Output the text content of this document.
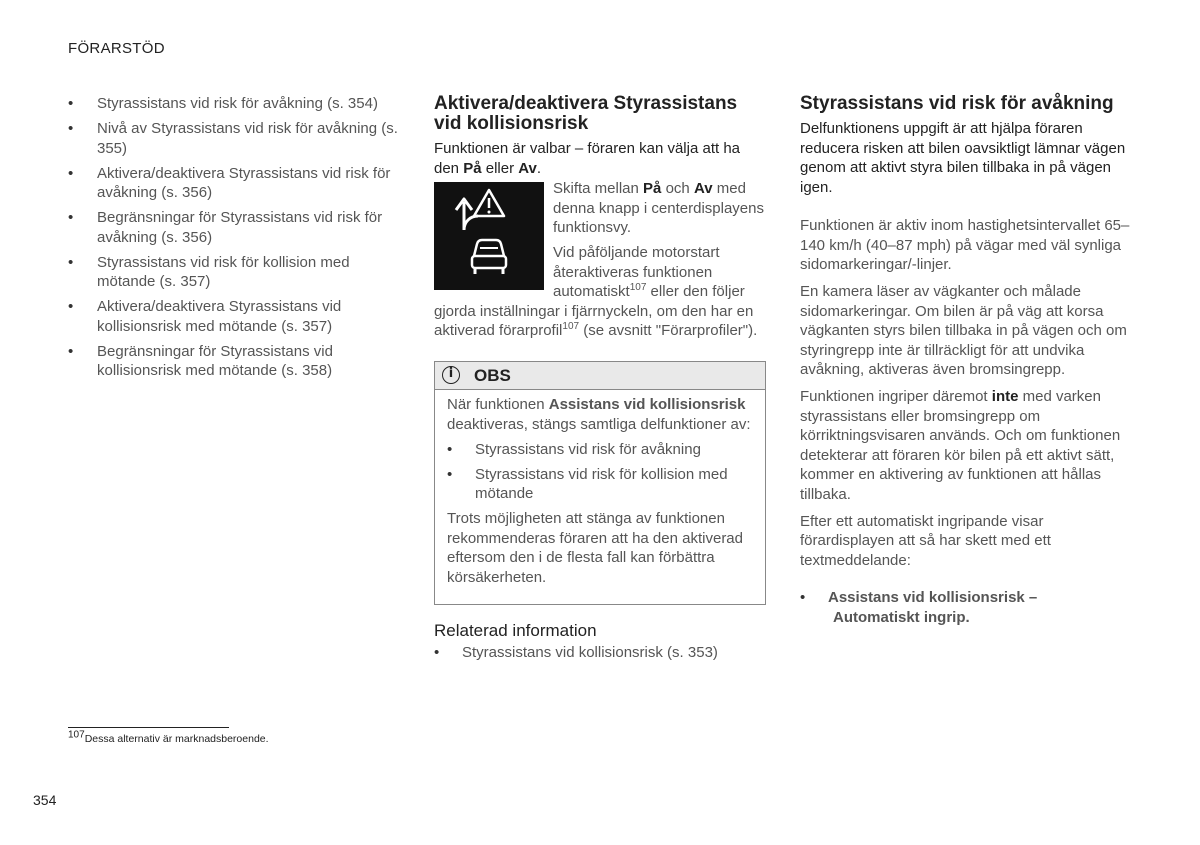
FÖRARSTÖD
• Styrassistans vid risk för avåkning (s. 354)
• Nivå av Styrassistans vid risk för avåkning (s. 355)
• Aktivera/deaktivera Styrassistans vid risk för avåkning (s. 356)
• Begränsningar för Styrassistans vid risk för avåkning (s. 356)
• Styrassistans vid risk för kollision med mötande (s. 357)
• Aktivera/deaktivera Styrassistans vid kollisionsrisk med mötande (s. 357)
• Begränsningar för Styrassistans vid kollisionsrisk med mötande (s. 358)
Aktivera/deaktivera Styrassistans vid kollisionsrisk

Funktionen är valbar – föraren kan välja att ha den På eller Av.

Skifta mellan På och Av med denna knapp i centerdisplayens funktionsvy.

Vid påföljande motorstart återaktiveras funktionen automatiskt$^{107}$ eller den följer gjorda inställningar i fjärrnyckeln, om den har en aktiverad förarprofil$^{107}$ (se avsnitt "Förarprofiler").

i
OBS

När funktionen Assistans vid kollisionsrisk deaktiveras, stängs samtliga delfunktioner av:

• Styrassistans vid risk för avåkning
• Styrassistans vid risk för kollision med mötande

Trots möjligheten att stänga av funktionen rekommenderas föraren att ha den aktiverad eftersom den i de flesta fall kan förbättra körsäkerheten.

Relaterad information
• Styrassistans vid kollisionsrisk (s. 353)
Styrassistans vid risk för avåkning

Delfunktionens uppgift är att hjälpa föraren reducera risken att bilen oavsiktligt lämnar vägen genom att aktivt styra bilen tillbaka in på vägen igen.

Funktionen är aktiv inom hastighetsintervallet 65–140 km/h (40–87 mph) på vägar med väl synliga sidomarkeringar/-linjer.

En kamera läser av vägkanter och målade sidomarkeringar. Om bilen är på väg att korsa vägkanten styrs bilen tillbaka in på vägen och om styringrepp inte är tillräckligt för att undvika avåkning, aktiveras även bromsingrepp.

Funktionen ingriper däremot inte med varken styrassistans eller bromsingrepp om körriktningsvisaren används. Och om funktionen detekterar att föraren kör bilen på ett aktivt sätt, kommer en aktivering av funktionen att hållas tillbaka.

Efter ett automatiskt ingripande visar förardisplayen att så har skett med ett textmeddelande:

• Assistans vid kollisionsrisk –
Automatiskt ingrip.
$^{107}$Dessa alternativ är marknadsberoende.
354
